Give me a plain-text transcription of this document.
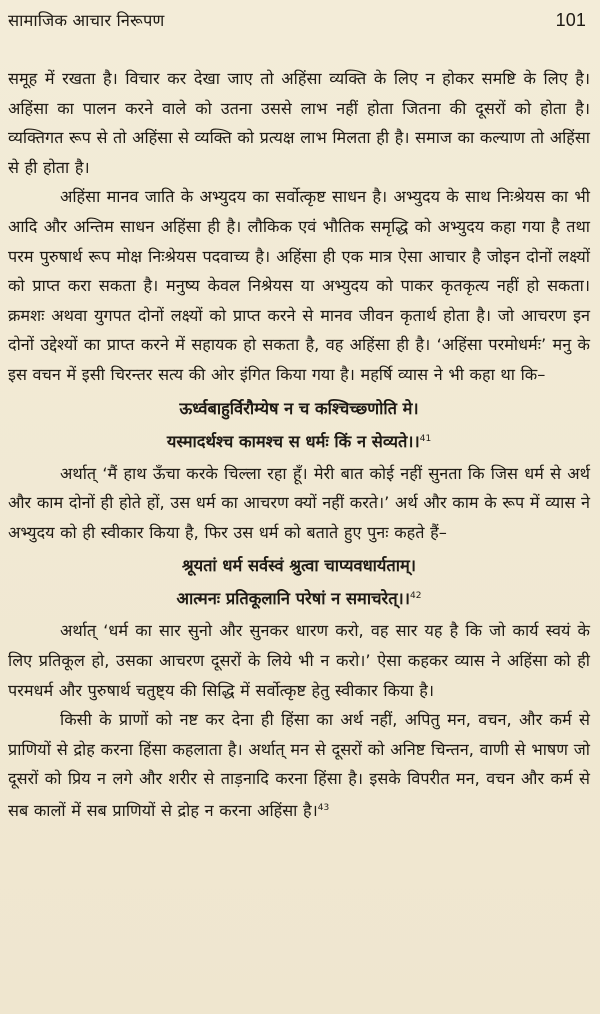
सामाजिक आचार निरूपण	101

समूह में रखता है। विचार कर देखा जाए तो अहिंसा व्यक्ति के लिए न होकर समष्टि के लिए है। अहिंसा का पालन करने वाले को उतना उससे लाभ नहीं होता जितना की दूसरों को होता है। व्यक्तिगत रूप से तो अहिंसा से व्यक्ति को प्रत्यक्ष लाभ मिलता ही है। समाज का कल्याण तो अहिंसा से ही होता है।

अहिंसा मानव जाति के अभ्युदय का सर्वोत्कृष्ट साधन है। अभ्युदय के साथ निःश्रेयस का भी आदि और अन्तिम साधन अहिंसा ही है। लौकिक एवं भौतिक समृद्धि को अभ्युदय कहा गया है तथा परम पुरुषार्थ रूप मोक्ष निःश्रेयस पदवाच्य है। अहिंसा ही एक मात्र ऐसा आचार है जोइन दोनों लक्ष्यों को प्राप्त करा सकता है। मनुष्य केवल निश्रेयस या अभ्युदय को पाकर कृतकृत्य नहीं हो सकता। क्रमशः अथवा युगपत दोनों लक्ष्यों को प्राप्त करने से मानव जीवन कृतार्थ होता है। जो आचरण इन दोनों उद्देश्यों का प्राप्त करने में सहायक हो सकता है, वह अहिंसा ही है। ‘अहिंसा परमोधर्मः’ मनु के इस वचन में इसी चिरन्तर सत्य की ओर इंगित किया गया है। महर्षि व्यास ने भी कहा था कि–

ऊर्ध्वबाहुर्विरौम्येष न च कश्चिच्छ्णोति मे।
यस्मादर्थश्च कामश्च स धर्मः किं न सेव्यते।।$^{41}$

अर्थात् ‘मैं हाथ ऊँचा करके चिल्ला रहा हूँ। मेरी बात कोई नहीं सुनता कि जिस धर्म से अर्थ और काम दोनों ही होते हों, उस धर्म का आचरण क्यों नहीं करते।’ अर्थ और काम के रूप में व्यास ने अभ्युदय को ही स्वीकार किया है, फिर उस धर्म को बताते हुए पुनः कहते हैं–

श्रूयतां धर्म सर्वस्वं श्रुत्वा चाप्यवधार्यताम्।
आत्मनः प्रतिकूलानि परेषां न समाचरेत्।।$^{42}$

अर्थात् ‘धर्म का सार सुनो और सुनकर धारण करो, वह सार यह है कि जो कार्य स्वयं के लिए प्रतिकूल हो, उसका आचरण दूसरों के लिये भी न करो।’ ऐसा कहकर व्यास ने अहिंसा को ही परमधर्म और पुरुषार्थ चतुष्ट्य की सिद्धि में सर्वोत्कृष्ट हेतु स्वीकार किया है।

किसी के प्राणों को नष्ट कर देना ही हिंसा का अर्थ नहीं, अपितु मन, वचन, और कर्म से प्राणियों से द्रोह करना हिंसा कहलाता है। अर्थात् मन से दूसरों को अनिष्ट चिन्तन, वाणी से भाषण जो दूसरों को प्रिय न लगे और शरीर से ताड़नादि करना हिंसा है। इसके विपरीत मन, वचन और कर्म से सब कालों में सब प्राणियों से द्रोह न करना अहिंसा है।$^{43}$
